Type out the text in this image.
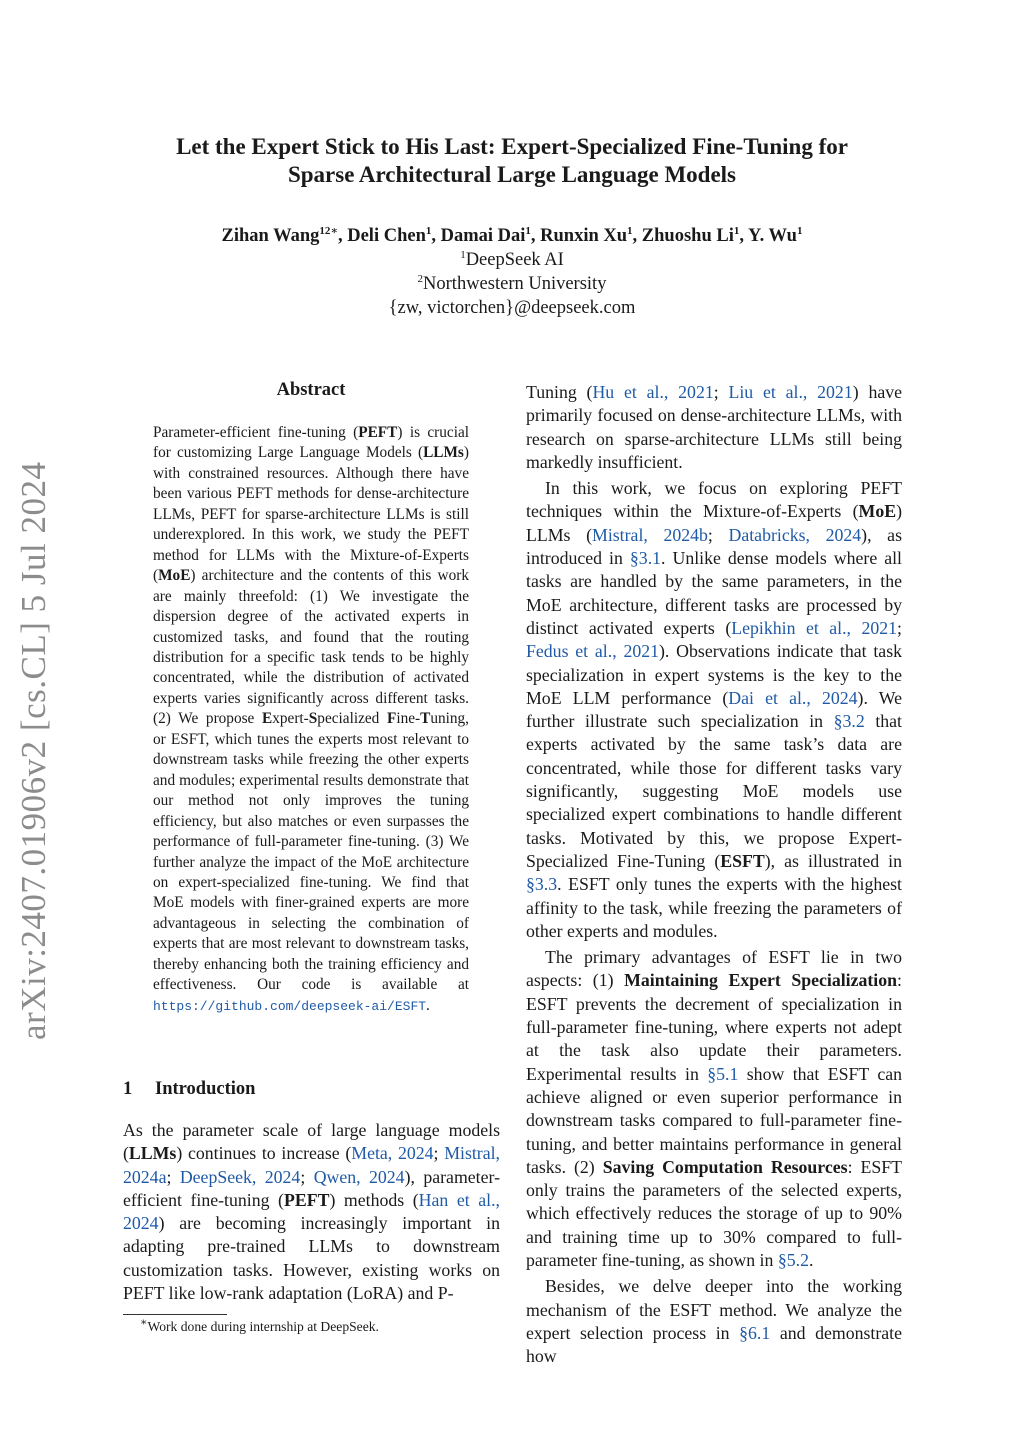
arXiv:2407.01906v2 [cs.CL] 5 Jul 2024
Let the Expert Stick to His Last: Expert-Specialized Fine-Tuning for
Sparse Architectural Large Language Models
Zihan Wang$^{12∗}$, Deli Chen$^1$, Damai Dai$^1$, Runxin Xu$^1$, Zhuoshu Li$^1$, Y. Wu$^1$
$^1$DeepSeek AI
$^2$Northwestern University
{zw, victorchen}@deepseek.com
Abstract
Parameter-efficient fine-tuning (PEFT) is crucial for customizing Large Language Models (LLMs) with constrained resources. Although there have been various PEFT methods for dense-architecture LLMs, PEFT for sparse-architecture LLMs is still underexplored. In this work, we study the PEFT method for LLMs with the Mixture-of-Experts (MoE) architecture and the contents of this work are mainly threefold: (1) We investigate the dispersion degree of the activated experts in customized tasks, and found that the routing distribution for a specific task tends to be highly concentrated, while the distribution of activated experts varies significantly across different tasks. (2) We propose Expert-Specialized Fine-Tuning, or ESFT, which tunes the experts most relevant to downstream tasks while freezing the other experts and modules; experimental results demonstrate that our method not only improves the tuning efficiency, but also matches or even surpasses the performance of full-parameter fine-tuning. (3) We further analyze the impact of the MoE architecture on expert-specialized fine-tuning. We find that MoE models with finer-grained experts are more advantageous in selecting the combination of experts that are most relevant to downstream tasks, thereby enhancing both the training efficiency and effectiveness. Our code is available at https://github.com/deepseek-ai/ESFT.
1 Introduction
As the parameter scale of large language models (LLMs) continues to increase (Meta, 2024; Mistral, 2024a; DeepSeek, 2024; Qwen, 2024), parameter-efficient fine-tuning (PEFT) methods (Han et al., 2024) are becoming increasingly important in adapting pre-trained LLMs to downstream customization tasks. However, existing works on PEFT like low-rank adaptation (LoRA) and P-

Tuning (Hu et al., 2021; Liu et al., 2021) have primarily focused on dense-architecture LLMs, with research on sparse-architecture LLMs still being markedly insufficient.

In this work, we focus on exploring PEFT techniques within the Mixture-of-Experts (MoE) LLMs (Mistral, 2024b; Databricks, 2024), as introduced in §3.1. Unlike dense models where all tasks are handled by the same parameters, in the MoE architecture, different tasks are processed by distinct activated experts (Lepikhin et al., 2021; Fedus et al., 2021). Observations indicate that task specialization in expert systems is the key to the MoE LLM performance (Dai et al., 2024). We further illustrate such specialization in §3.2 that experts activated by the same task’s data are concentrated, while those for different tasks vary significantly, suggesting MoE models use specialized expert combinations to handle different tasks. Motivated by this, we propose Expert-Specialized Fine-Tuning (ESFT), as illustrated in §3.3. ESFT only tunes the experts with the highest affinity to the task, while freezing the parameters of other experts and modules.

The primary advantages of ESFT lie in two aspects: (1) Maintaining Expert Specialization: ESFT prevents the decrement of specialization in full-parameter fine-tuning, where experts not adept at the task also update their parameters. Experimental results in §5.1 show that ESFT can achieve aligned or even superior performance in downstream tasks compared to full-parameter fine-tuning, and better maintains performance in general tasks. (2) Saving Computation Resources: ESFT only trains the parameters of the selected experts, which effectively reduces the storage of up to 90% and training time up to 30% compared to full-parameter fine-tuning, as shown in §5.2.

Besides, we delve deeper into the working mechanism of the ESFT method. We analyze the expert selection process in §6.1 and demonstrate how

∗Work done during internship at DeepSeek.
